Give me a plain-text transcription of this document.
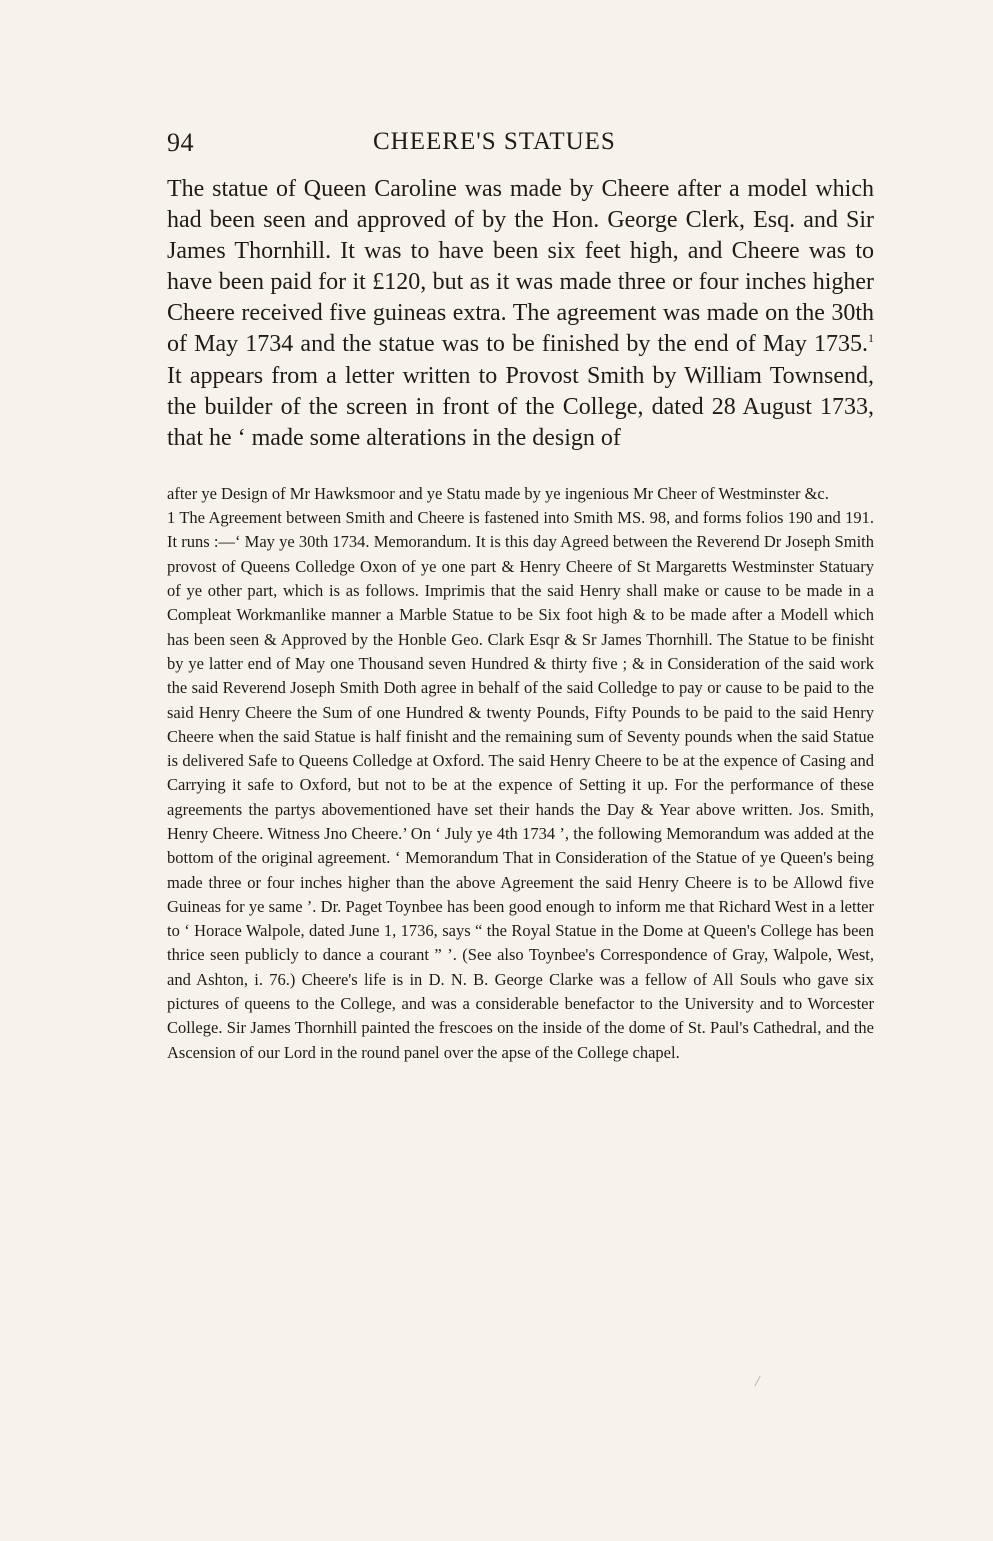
94	CHEERE'S STATUES

The statue of Queen Caroline was made by Cheere after a model which had been seen and approved of by the Hon. George Clerk, Esq. and Sir James Thornhill. It was to have been six feet high, and Cheere was to have been paid for it £120, but as it was made three or four inches higher Cheere received five guineas extra. The agreement was made on the 30th of May 1734 and the statue was to be finished by the end of May 1735.$^1$ It appears from a letter written to Provost Smith by William Townsend, the builder of the screen in front of the College, dated 28 August 1733, that he ‘ made some alterations in the design of

after ye Design of Mr Hawksmoor and ye Statu made by ye ingenious Mr Cheer of Westminster &c.

1 The Agreement between Smith and Cheere is fastened into Smith MS. 98, and forms folios 190 and 191. It runs :—‘ May ye 30th 1734. Memorandum. It is this day Agreed between the Reverend Dr Joseph Smith provost of Queens Colledge Oxon of ye one part & Henry Cheere of St Margaretts Westminster Statuary of ye other part, which is as follows. Imprimis that the said Henry shall make or cause to be made in a Compleat Workmanlike manner a Marble Statue to be Six foot high & to be made after a Modell which has been seen & Approved by the Honble Geo. Clark Esqr & Sr James Thornhill. The Statue to be finisht by ye latter end of May one Thousand seven Hundred & thirty five ; & in Consideration of the said work the said Reverend Joseph Smith Doth agree in behalf of the said Colledge to pay or cause to be paid to the said Henry Cheere the Sum of one Hundred & twenty Pounds, Fifty Pounds to be paid to the said Henry Cheere when the said Statue is half finisht and the remaining sum of Seventy pounds when the said Statue is delivered Safe to Queens Colledge at Oxford. The said Henry Cheere to be at the expence of Casing and Carrying it safe to Oxford, but not to be at the expence of Setting it up. For the performance of these agreements the partys abovementioned have set their hands the Day & Year above written. Jos. Smith, Henry Cheere. Witness Jno Cheere.’ On ‘ July ye 4th 1734 ’, the following Memorandum was added at the bottom of the original agreement. ‘ Memorandum That in Consideration of the Statue of ye Queen's being made three or four inches higher than the above Agreement the said Henry Cheere is to be Allowd five Guineas for ye same ’. Dr. Paget Toynbee has been good enough to inform me that Richard West in a letter to ‘ Horace Walpole, dated June 1, 1736, says “ the Royal Statue in the Dome at Queen's College has been thrice seen publicly to dance a courant ” ’. (See also Toynbee's Correspondence of Gray, Walpole, West, and Ashton, i. 76.) Cheere's life is in D. N. B. George Clarke was a fellow of All Souls who gave six pictures of queens to the College, and was a considerable benefactor to the University and to Worcester College. Sir James Thornhill painted the frescoes on the inside of the dome of St. Paul's Cathedral, and the Ascension of our Lord in the round panel over the apse of the College chapel.
